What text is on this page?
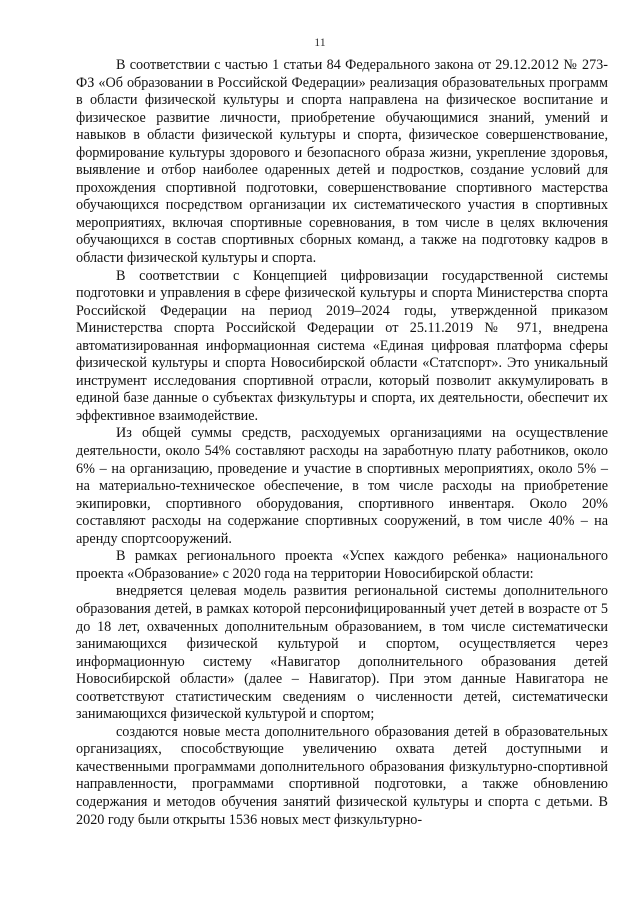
11

В соответствии с частью 1 статьи 84 Федерального закона от 29.12.2012 № 273-ФЗ «Об образовании в Российской Федерации» реализация образовательных программ в области физической культуры и спорта направлена на физическое воспитание и физическое развитие личности, приобретение обучающимися знаний, умений и навыков в области физической культуры и спорта, физическое совершенствование, формирование культуры здорового и безопасного образа жизни, укрепление здоровья, выявление и отбор наиболее одаренных детей и подростков, создание условий для прохождения спортивной подготовки, совершенствование спортивного мастерства обучающихся посредством организации их систематического участия в спортивных мероприятиях, включая спортивные соревнования, в том числе в целях включения обучающихся в состав спортивных сборных команд, а также на подготовку кадров в области физической культуры и спорта.

В соответствии с Концепцией цифровизации государственной системы подготовки и управления в сфере физической культуры и спорта Министерства спорта Российской Федерации на период 2019–2024 годы, утвержденной приказом Министерства спорта Российской Федерации от 25.11.2019 № 971, внедрена автоматизированная информационная система «Единая цифровая платформа сферы физической культуры и спорта Новосибирской области «Статспорт». Это уникальный инструмент исследования спортивной отрасли, который позволит аккумулировать в единой базе данные о субъектах физкультуры и спорта, их деятельности, обеспечит их эффективное взаимодействие.

Из общей суммы средств, расходуемых организациями на осуществление деятельности, около 54% составляют расходы на заработную плату работников, около 6% – на организацию, проведение и участие в спортивных мероприятиях, около 5% – на материально-техническое обеспечение, в том числе расходы на приобретение экипировки, спортивного оборудования, спортивного инвентаря. Около 20% составляют расходы на содержание спортивных сооружений, в том числе 40% – на аренду спортсооружений.

В рамках регионального проекта «Успех каждого ребенка» национального проекта «Образование» с 2020 года на территории Новосибирской области:

внедряется целевая модель развития региональной системы дополнительного образования детей, в рамках которой персонифицированный учет детей в возрасте от 5 до 18 лет, охваченных дополнительным образованием, в том числе систематически занимающихся физической культурой и спортом, осуществляется через информационную систему «Навигатор дополнительного образования детей Новосибирской области» (далее – Навигатор). При этом данные Навигатора не соответствуют статистическим сведениям о численности детей, систематически занимающихся физической культурой и спортом;

создаются новые места дополнительного образования детей в образовательных организациях, способствующие увеличению охвата детей доступными и качественными программами дополнительного образования физкультурно-спортивной направленности, программами спортивной подготовки, а также обновлению содержания и методов обучения занятий физической культуры и спорта с детьми. В 2020 году были открыты 1536 новых мест физкультурно-
